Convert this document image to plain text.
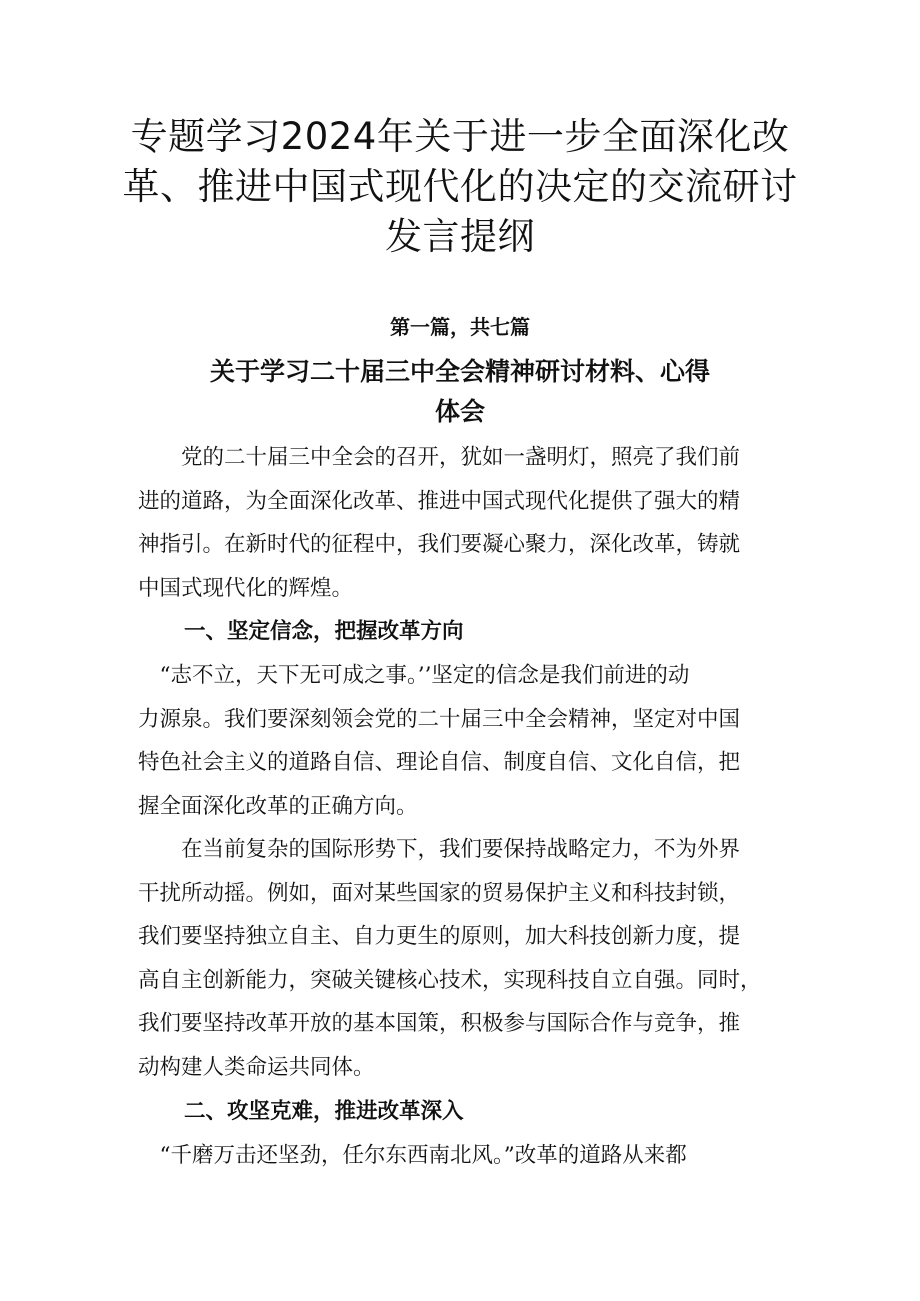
专题学习2024年关于进一步全面深化改
革、推进中国式现代化的决定的交流研讨
发言提纲
第一篇，共七篇
关于学习二十届三中全会精神研讨材料、心得
体会

　　党的二十届三中全会的召开，犹如一盏明灯，照亮了我们前
进的道路，为全面深化改革、推进中国式现代化提供了强大的精
神指引。在新时代的征程中，我们要凝心聚力，深化改革，铸就
中国式现代化的辉煌。

一、坚定信念，把握改革方向

　“志不立，天下无可成之事。’’坚定的信念是我们前进的动
力源泉。我们要深刻领会党的二十届三中全会精神，坚定对中国
特色社会主义的道路自信、理论自信、制度自信、文化自信，把
握全面深化改革的正确方向。

　　在当前复杂的国际形势下，我们要保持战略定力，不为外界
干扰所动摇。例如，面对某些国家的贸易保护主义和科技封锁，
我们要坚持独立自主、自力更生的原则，加大科技创新力度，提
高自主创新能力，突破关键核心技术，实现科技自立自强。同时，
我们要坚持改革开放的基本国策，积极参与国际合作与竞争，推
动构建人类命运共同体。

二、攻坚克难，推进改革深入

　“千磨万击还坚劲，任尔东西南北风。”改革的道路从来都
